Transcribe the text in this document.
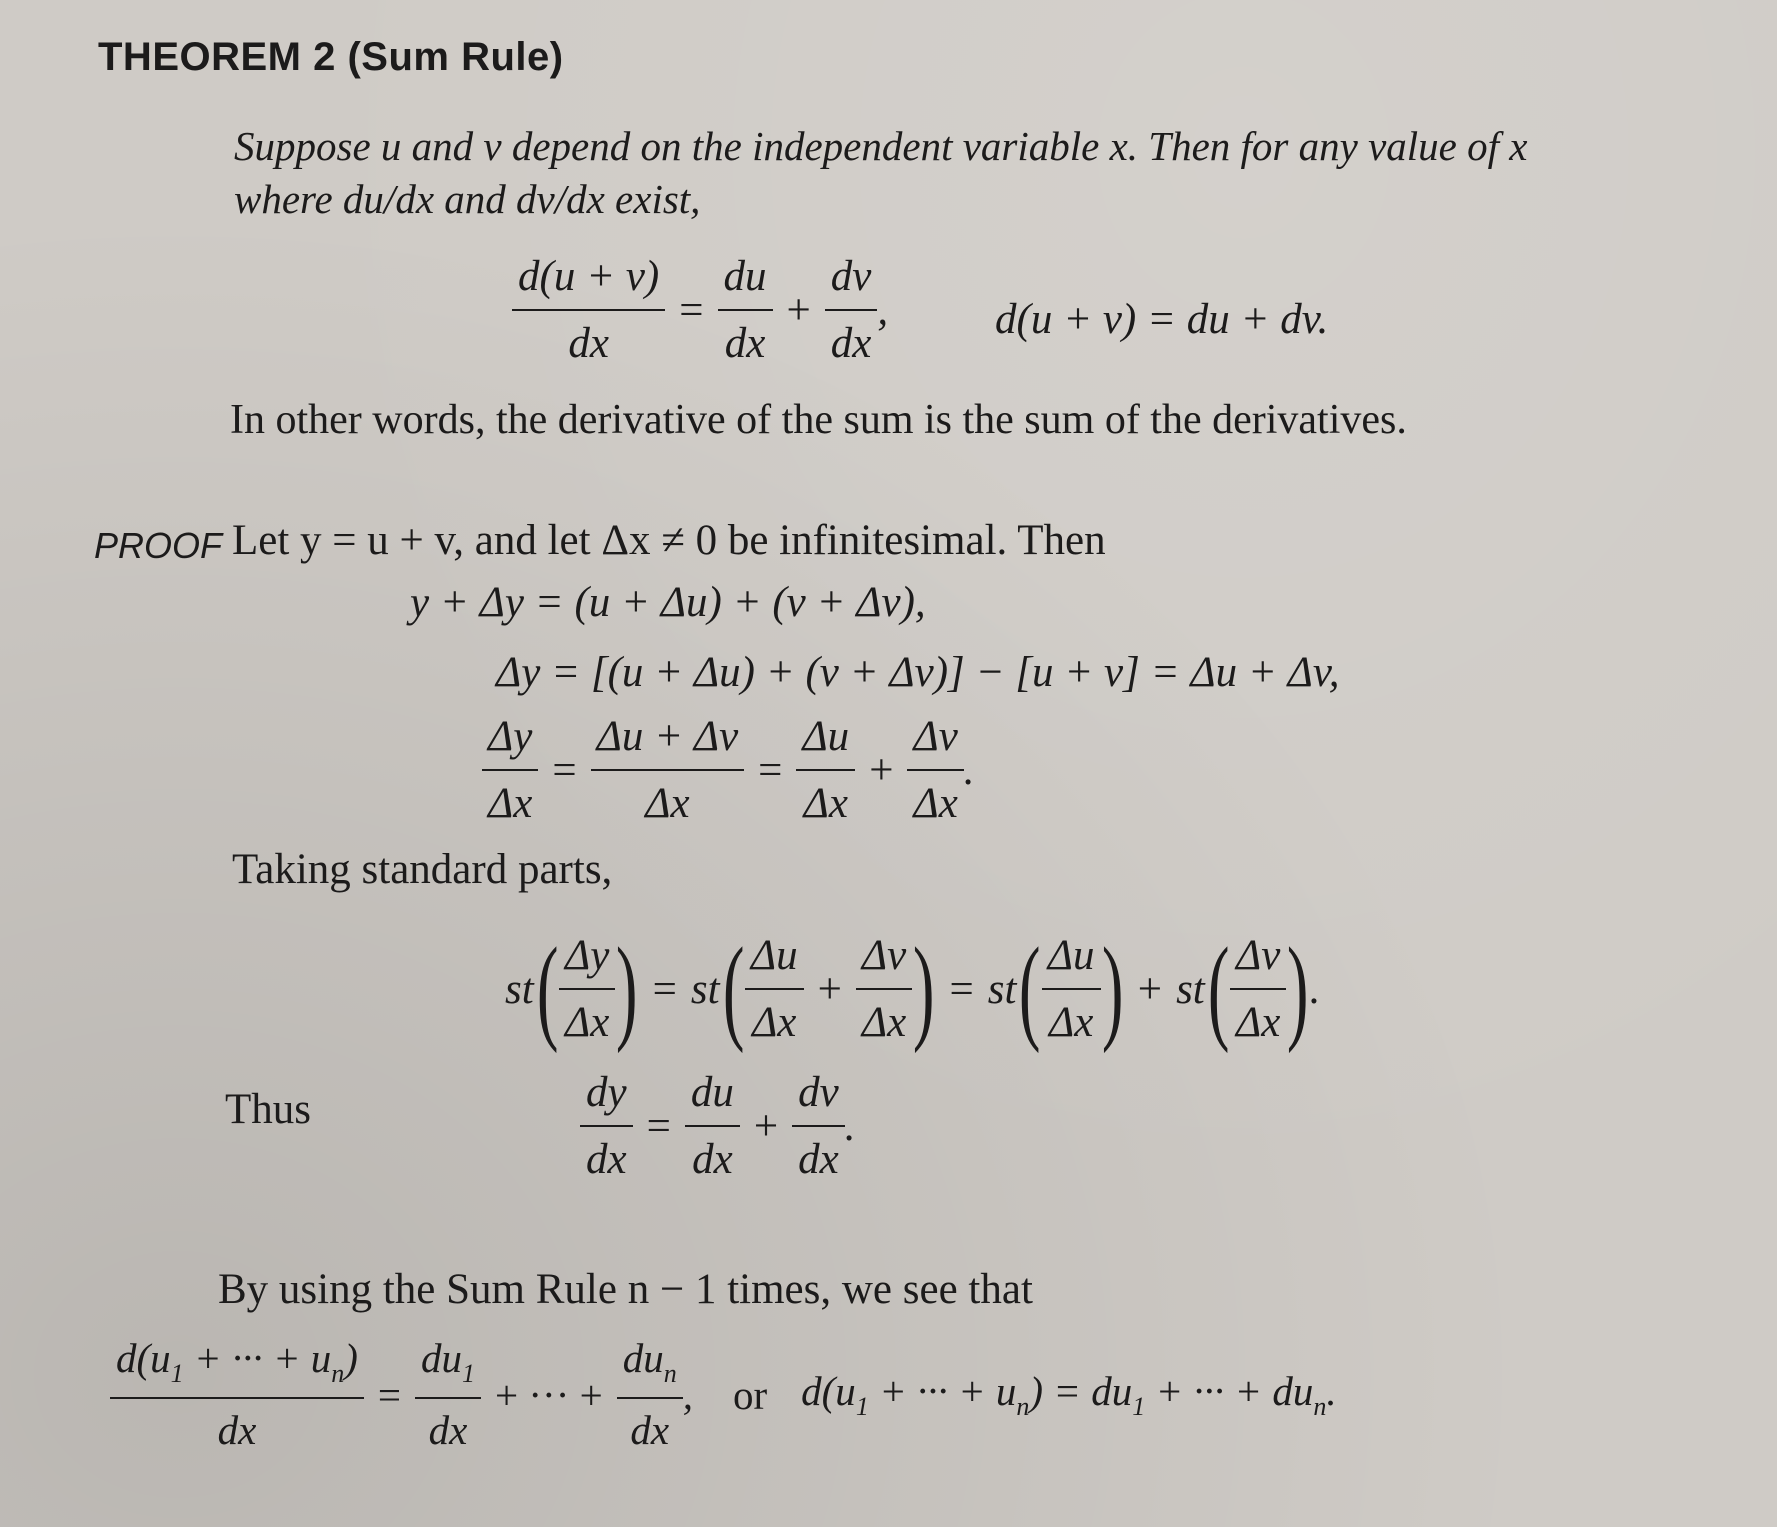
THEOREM 2 (Sum Rule)
Suppose u and v depend on the independent variable x. Then for any value of x
where du/dx and dv/dx exist,
$\frac{d(u + v)}{dx} = \frac{du}{dx} + \frac{dv}{dx}$ , d(u + v) = du + dv.
In other words, the derivative of the sum is the sum of the derivatives.
PROOF Let y = u + v, and let Δx ≠ 0 be infinitesimal. Then
y + Δy = (u + Δu) + (v + Δv),
Δy = [(u + Δu) + (v + Δv)] − [u + v] = Δu + Δv,
$\frac{\Delta y}{\Delta x} = \frac{\Delta u + \Delta v}{\Delta x} = \frac{\Delta u}{\Delta x} + \frac{\Delta v}{\Delta x}$ .
Taking standard parts,
st ( $\frac{\Delta y}{\Delta x}$ ) = st ( $\frac{\Delta u}{\Delta x} + \frac{\Delta v}{\Delta x}$ ) = st ( $\frac{\Delta u}{\Delta x}$ ) + st ( $\frac{\Delta v}{\Delta x}$ ) .
Thus	$\frac{dy}{dx} = \frac{du}{dx} + \frac{dv}{dx}$ .
By using the Sum Rule n − 1 times, we see that
$\frac{d(u_1 + \cdot\cdot\cdot + u_n)}{dx} = \frac{du_1}{dx}$ + ··· + $\frac{du_n}{dx}$ , or $d(u_1$ + ··· + $u_n) = du_1$ + ··· + $du_n$.
